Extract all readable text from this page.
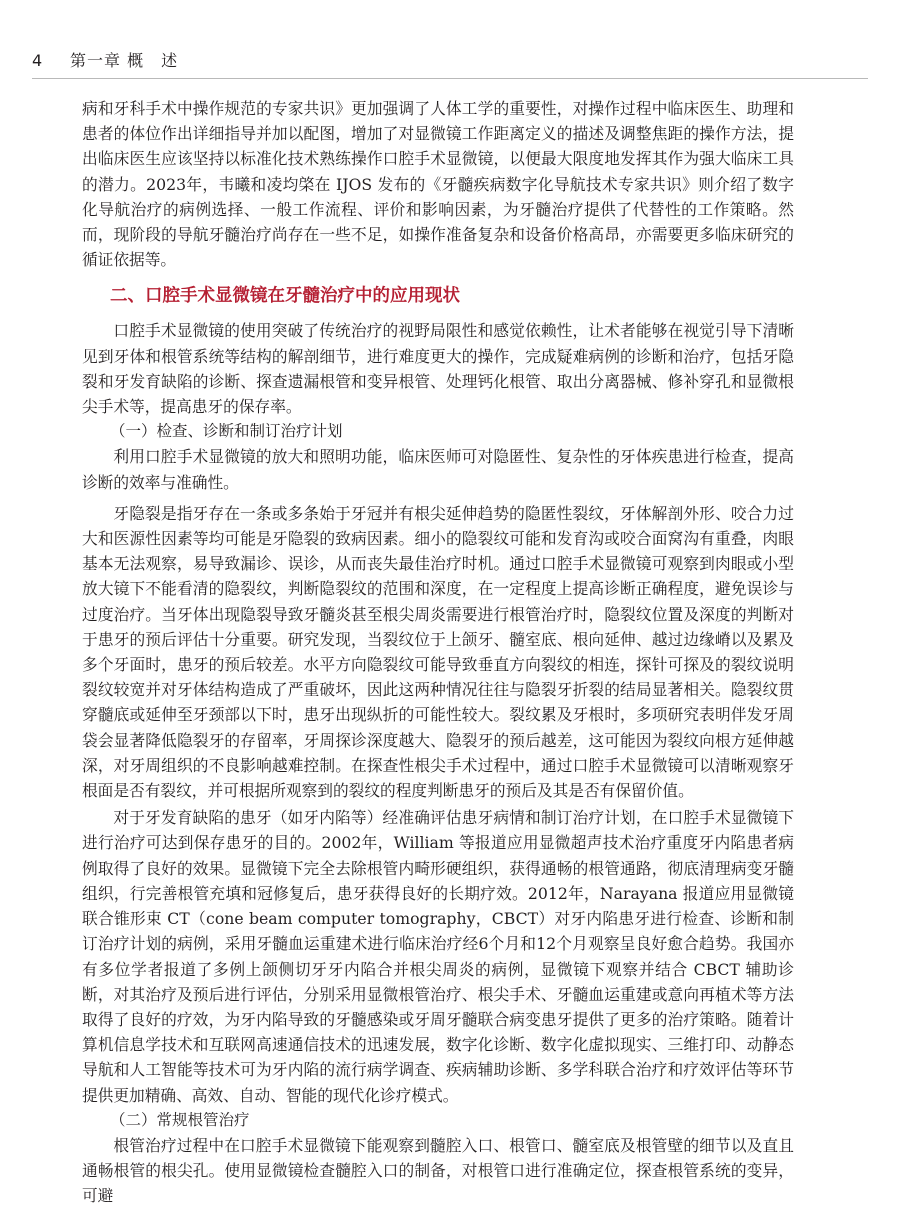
4 第一章 概　述

病和牙科手术中操作规范的专家共识》更加强调了人体工学的重要性，对操作过程中临床医生、助理和患者的体位作出详细指导并加以配图，增加了对显微镜工作距离定义的描述及调整焦距的操作方法，提出临床医生应该坚持以标准化技术熟练操作口腔手术显微镜，以便最大限度地发挥其作为强大临床工具的潜力。2023年，韦曦和凌均棨在 IJOS 发布的《牙髓疾病数字化导航技术专家共识》则介绍了数字化导航治疗的病例选择、一般工作流程、评价和影响因素，为牙髓治疗提供了代替性的工作策略。然而，现阶段的导航牙髓治疗尚存在一些不足，如操作准备复杂和设备价格高昂，亦需要更多临床研究的循证依据等。

二、口腔手术显微镜在牙髓治疗中的应用现状

口腔手术显微镜的使用突破了传统治疗的视野局限性和感觉依赖性，让术者能够在视觉引导下清晰见到牙体和根管系统等结构的解剖细节，进行难度更大的操作，完成疑难病例的诊断和治疗，包括牙隐裂和牙发育缺陷的诊断、探查遗漏根管和变异根管、处理钙化根管、取出分离器械、修补穿孔和显微根尖手术等，提高患牙的保存率。

（一）检查、诊断和制订治疗计划

利用口腔手术显微镜的放大和照明功能，临床医师可对隐匿性、复杂性的牙体疾患进行检查，提高诊断的效率与准确性。

牙隐裂是指牙存在一条或多条始于牙冠并有根尖延伸趋势的隐匿性裂纹，牙体解剖外形、咬合力过大和医源性因素等均可能是牙隐裂的致病因素。细小的隐裂纹可能和发育沟或咬合面窝沟有重叠，肉眼基本无法观察，易导致漏诊、误诊，从而丧失最佳治疗时机。通过口腔手术显微镜可观察到肉眼或小型放大镜下不能看清的隐裂纹，判断隐裂纹的范围和深度，在一定程度上提高诊断正确程度，避免误诊与过度治疗。当牙体出现隐裂导致牙髓炎甚至根尖周炎需要进行根管治疗时，隐裂纹位置及深度的判断对于患牙的预后评估十分重要。研究发现，当裂纹位于上颌牙、髓室底、根向延伸、越过边缘嵴以及累及多个牙面时，患牙的预后较差。水平方向隐裂纹可能导致垂直方向裂纹的相连，探针可探及的裂纹说明裂纹较宽并对牙体结构造成了严重破坏，因此这两种情况往往与隐裂牙折裂的结局显著相关。隐裂纹贯穿髓底或延伸至牙颈部以下时，患牙出现纵折的可能性较大。裂纹累及牙根时，多项研究表明伴发牙周袋会显著降低隐裂牙的存留率，牙周探诊深度越大、隐裂牙的预后越差，这可能因为裂纹向根方延伸越深，对牙周组织的不良影响越难控制。在探查性根尖手术过程中，通过口腔手术显微镜可以清晰观察牙根面是否有裂纹，并可根据所观察到的裂纹的程度判断患牙的预后及其是否有保留价值。

对于牙发育缺陷的患牙（如牙内陷等）经准确评估患牙病情和制订治疗计划，在口腔手术显微镜下进行治疗可达到保存患牙的目的。2002年，William 等报道应用显微超声技术治疗重度牙内陷患者病例取得了良好的效果。显微镜下完全去除根管内畸形硬组织，获得通畅的根管通路，彻底清理病变牙髓组织，行完善根管充填和冠修复后，患牙获得良好的长期疗效。2012年，Narayana 报道应用显微镜联合锥形束 CT（cone beam computer tomography，CBCT）对牙内陷患牙进行检查、诊断和制订治疗计划的病例，采用牙髓血运重建术进行临床治疗经6个月和12个月观察呈良好愈合趋势。我国亦有多位学者报道了多例上颌侧切牙牙内陷合并根尖周炎的病例，显微镜下观察并结合 CBCT 辅助诊断，对其治疗及预后进行评估，分别采用显微根管治疗、根尖手术、牙髓血运重建或意向再植术等方法取得了良好的疗效，为牙内陷导致的牙髓感染或牙周牙髓联合病变患牙提供了更多的治疗策略。随着计算机信息学技术和互联网高速通信技术的迅速发展，数字化诊断、数字化虚拟现实、三维打印、动静态导航和人工智能等技术可为牙内陷的流行病学调查、疾病辅助诊断、多学科联合治疗和疗效评估等环节提供更加精确、高效、自动、智能的现代化诊疗模式。

（二）常规根管治疗

根管治疗过程中在口腔手术显微镜下能观察到髓腔入口、根管口、髓室底及根管壁的细节以及直且通畅根管的根尖孔。使用显微镜检查髓腔入口的制备，对根管口进行准确定位，探查根管系统的变异，可避
